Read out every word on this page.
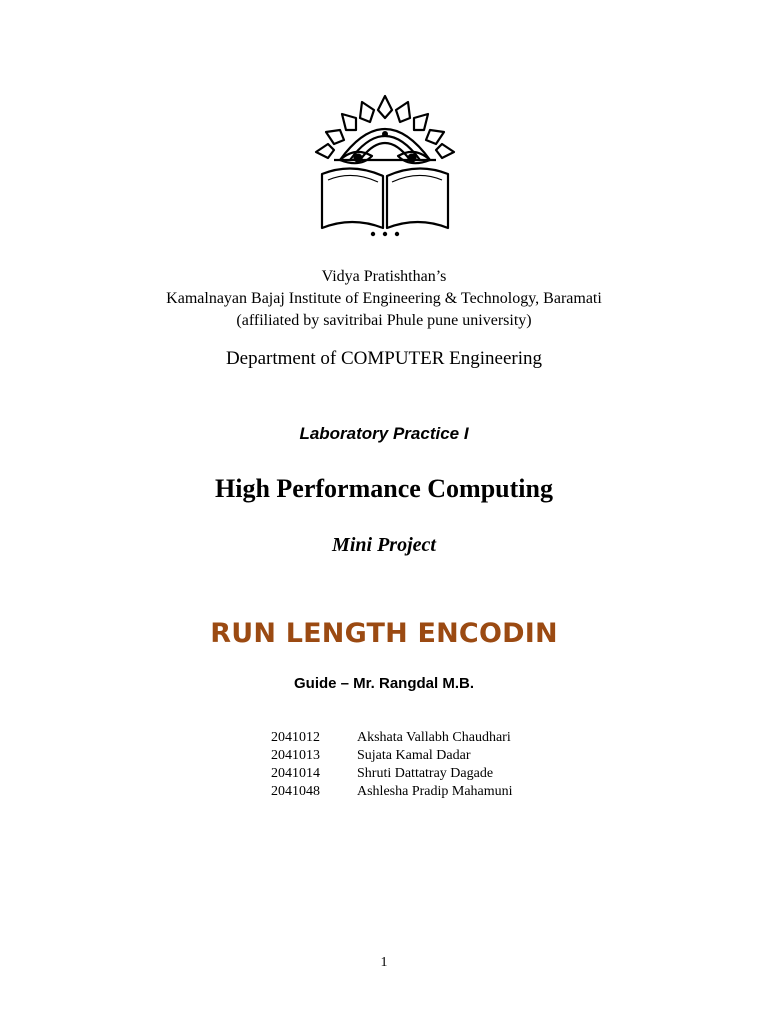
Vidya Pratishthan’s
Kamalnayan Bajaj Institute of Engineering & Technology, Baramati
(affiliated by savitribai Phule pune university)
Department of COMPUTER Engineering
Laboratory Practice I
High Performance Computing
Mini Project
RUN LENGTH ENCODIN
Guide – Mr. Rangdal M.B.
2041012	Akshata Vallabh Chaudhari
2041013	Sujata Kamal Dadar
2041014	Shruti Dattatray Dagade
2041048	Ashlesha Pradip Mahamuni
1
